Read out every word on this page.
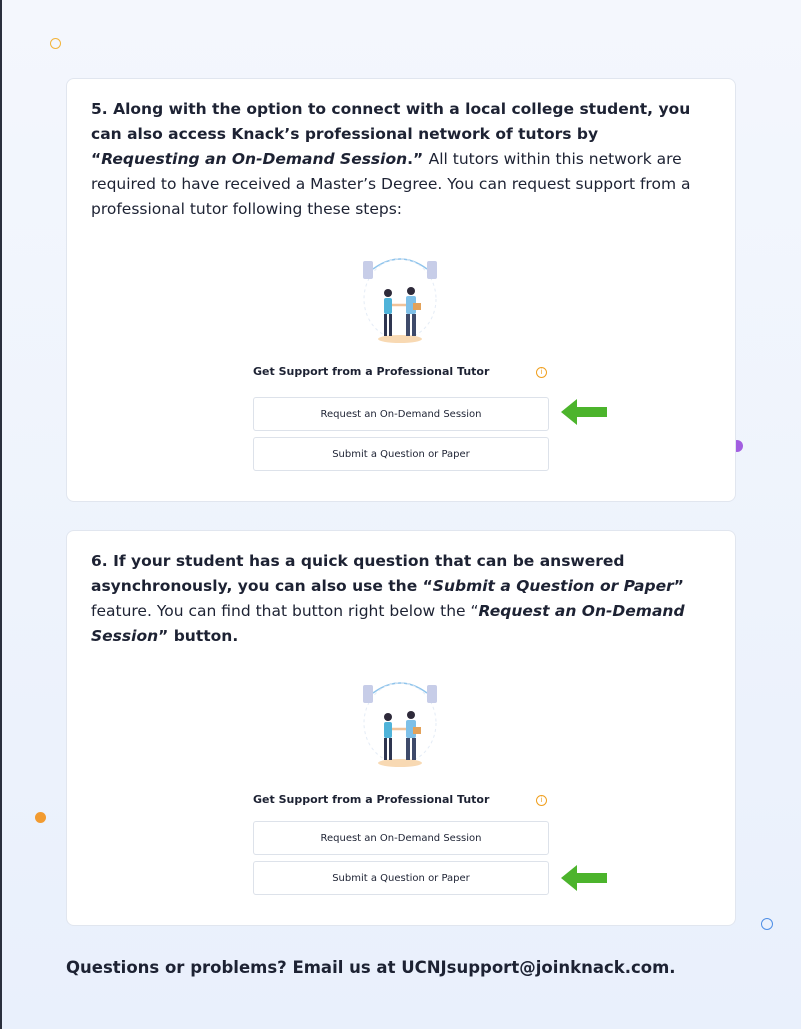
5. Along with the option to connect with a local college student, you can also access Knack’s professional network of tutors by “Requesting an On-Demand Session.” All tutors within this network are required to have received a Master’s Degree. You can request support from a professional tutor following these steps:

Get Support from a Professional Tutor	i
Request an On-Demand Session
Submit a Question or Paper

6. If your student has a quick question that can be answered asynchronously, you can also use the “Submit a Question or Paper” feature. You can find that button right below the “Request an On-Demand Session” button.

Get Support from a Professional Tutor	i
Request an On-Demand Session
Submit a Question or Paper
Questions or problems? Email us at UCNJsupport@joinknack.com.
